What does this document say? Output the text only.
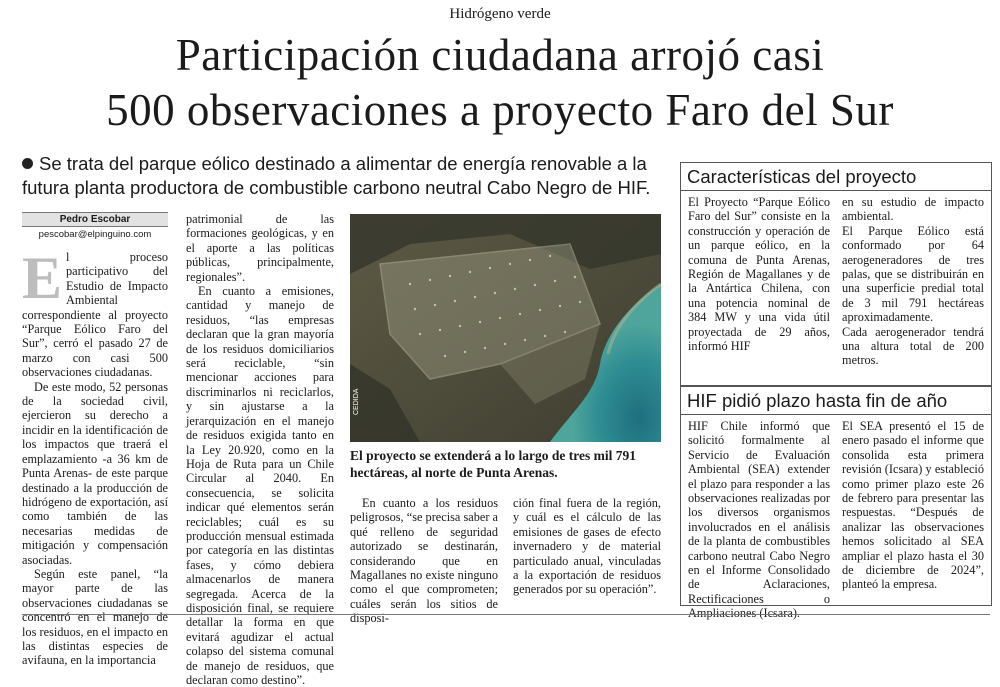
Hidrógeno verde
Participación ciudadana arrojó casi
500 observaciones a proyecto Faro del Sur
Se trata del parque eólico destinado a alimentar de energía renovable a la futura planta productora de combustible carbono neutral Cabo Negro de HIF.
Pedro Escobar
pescobar@elpinguino.com

El proceso participativo del Estudio de Impacto Ambiental correspondiente al proyecto “Parque Eólico Faro del Sur”, cerró el pasado 27 de marzo con casi 500 observaciones ciudadanas.

De este modo, 52 personas de la sociedad civil, ejercieron su derecho a incidir en la identificación de los impactos que traerá el emplazamiento -a 36 km de Punta Arenas- de este parque destinado a la producción de hidrógeno de exportación, así como también de las necesarias medidas de mitigación y compensación asociadas.

Según este panel, “la mayor parte de las observaciones ciudadanas se concentró en el manejo de los residuos, en el impacto en las distintas especies de avifauna, en la importancia

patrimonial de las formaciones geológicas, y en el aporte a las políticas públicas, principalmente, regionales”.

En cuanto a emisiones, cantidad y manejo de residuos, “las empresas declaran que la gran mayoría de los residuos domiciliarios será reciclable, “sin mencionar acciones para discriminarlos ni reciclarlos, y sin ajustarse a la jerarquización en el manejo de residuos exigida tanto en la Ley 20.920, como en la Hoja de Ruta para un Chile Circular al 2040. En consecuencia, se solicita indicar qué elementos serán reciclables; cuál es su producción mensual estimada por categoría en las distintas fases, y cómo debiera almacenarlos de manera segregada. Acerca de la disposición final, se requiere detallar la forma en que evitará agudizar el actual colapso del sistema comunal de manejo de residuos, que declaran como destino”.

CEDIDA
El proyecto se extenderá a lo largo de tres mil 791 hectáreas, al norte de Punta Arenas.

En cuanto a los residuos peligrosos, “se precisa saber a qué relleno de seguridad autorizado se destinarán, considerando que en Magallanes no existe ninguno como el que comprometen; cuáles serán los sitios de disposi-

ción final fuera de la región, y cuál es el cálculo de las emisiones de gases de efecto invernadero y de material particulado anual, vinculadas a la exportación de residuos generados por su operación”.

Características del proyecto

El Proyecto “Parque Eólico Faro del Sur” consiste en la construcción y operación de un parque eólico, en la comuna de Punta Arenas, Región de Magallanes y de la Antártica Chilena, con una potencia nominal de 384 MW y una vida útil proyectada de 29 años, informó HIF

en su estudio de impacto ambiental.

El Parque Eólico está conformado por 64 aerogeneradores de tres palas, que se distribuirán en una superficie predial total de 3 mil 791 hectáreas aproximadamente.

Cada aerogenerador tendrá una altura total de 200 metros.

HIF pidió plazo hasta fin de año

HIF Chile informó que solicitó formalmente al Servicio de Evaluación Ambiental (SEA) extender el plazo para responder a las observaciones realizadas por los diversos organismos involucrados en el análisis de la planta de combustibles carbono neutral Cabo Negro en el Informe Consolidado de Aclaraciones, Rectificaciones o Ampliaciones (Icsara).

El SEA presentó el 15 de enero pasado el informe que consolida esta primera revisión (Icsara) y estableció como primer plazo este 26 de febrero para presentar las respuestas. “Después de analizar las observaciones hemos solicitado al SEA ampliar el plazo hasta el 30 de diciembre de 2024”, planteó la empresa.
